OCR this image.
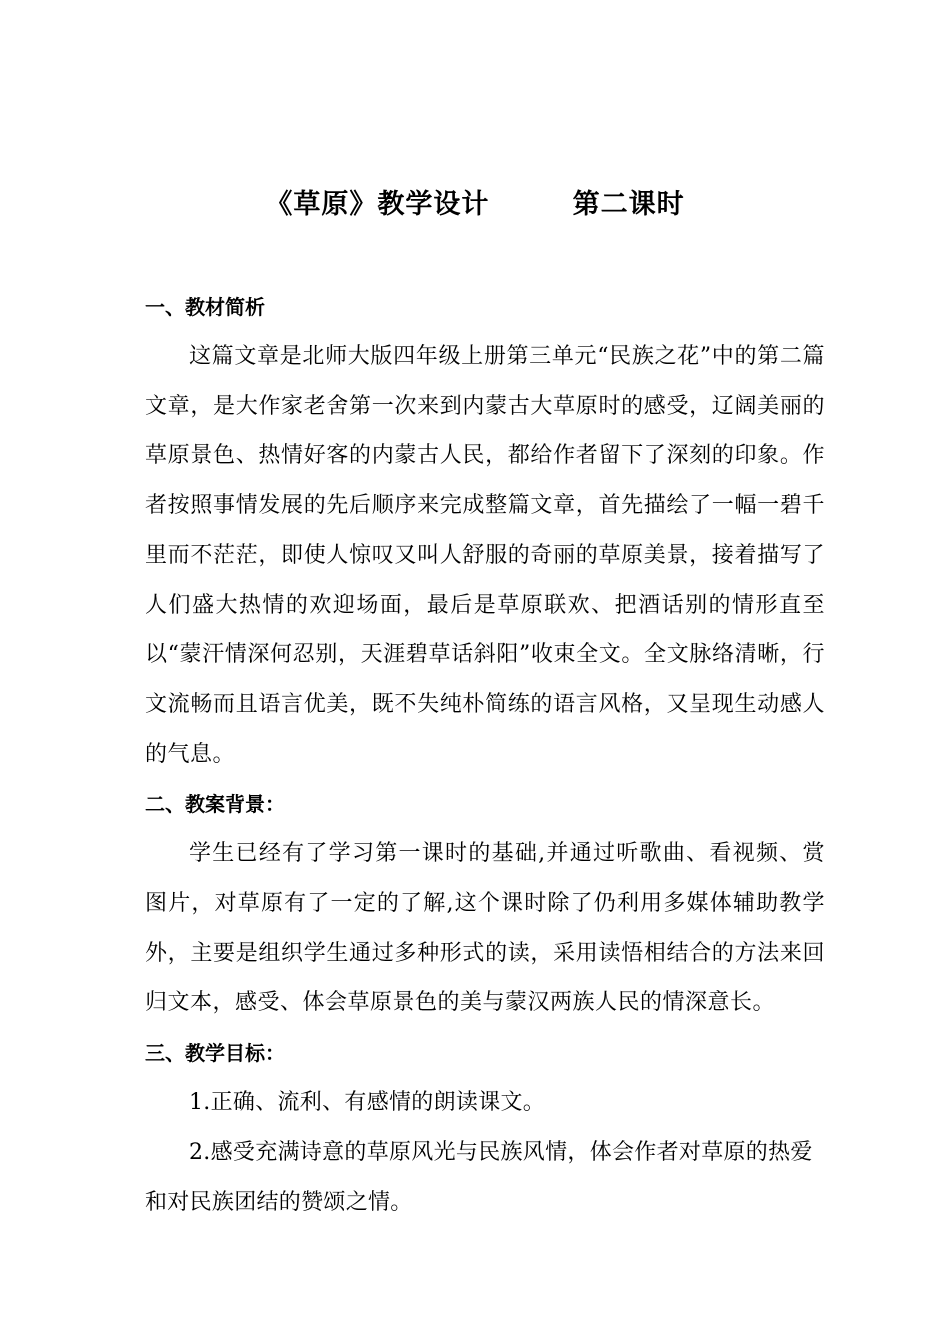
《草原》教学设计        第二课时
一、教材简析

这篇文章是北师大版四年级上册第三单元“民族之花”中的第二篇文章，是大作家老舍第一次来到内蒙古大草原时的感受，辽阔美丽的草原景色、热情好客的内蒙古人民，都给作者留下了深刻的印象。作者按照事情发展的先后顺序来完成整篇文章，首先描绘了一幅一碧千里而不茫茫，即使人惊叹又叫人舒服的奇丽的草原美景，接着描写了人们盛大热情的欢迎场面，最后是草原联欢、把酒话别的情形直至以“蒙汗情深何忍别，天涯碧草话斜阳”收束全文。全文脉络清晰，行文流畅而且语言优美，既不失纯朴简练的语言风格，又呈现生动感人的气息。

二、教案背景：

学生已经有了学习第一课时的基础,并通过听歌曲、看视频、赏图片，对草原有了一定的了解,这个课时除了仍利用多媒体辅助教学外，主要是组织学生通过多种形式的读，采用读悟相结合的方法来回归文本，感受、体会草原景色的美与蒙汉两族人民的情深意长。

三、教学目标：

1.正确、流利、有感情的朗读课文。

2.感受充满诗意的草原风光与民族风情，体会作者对草原的热爱和对民族团结的赞颂之情。
